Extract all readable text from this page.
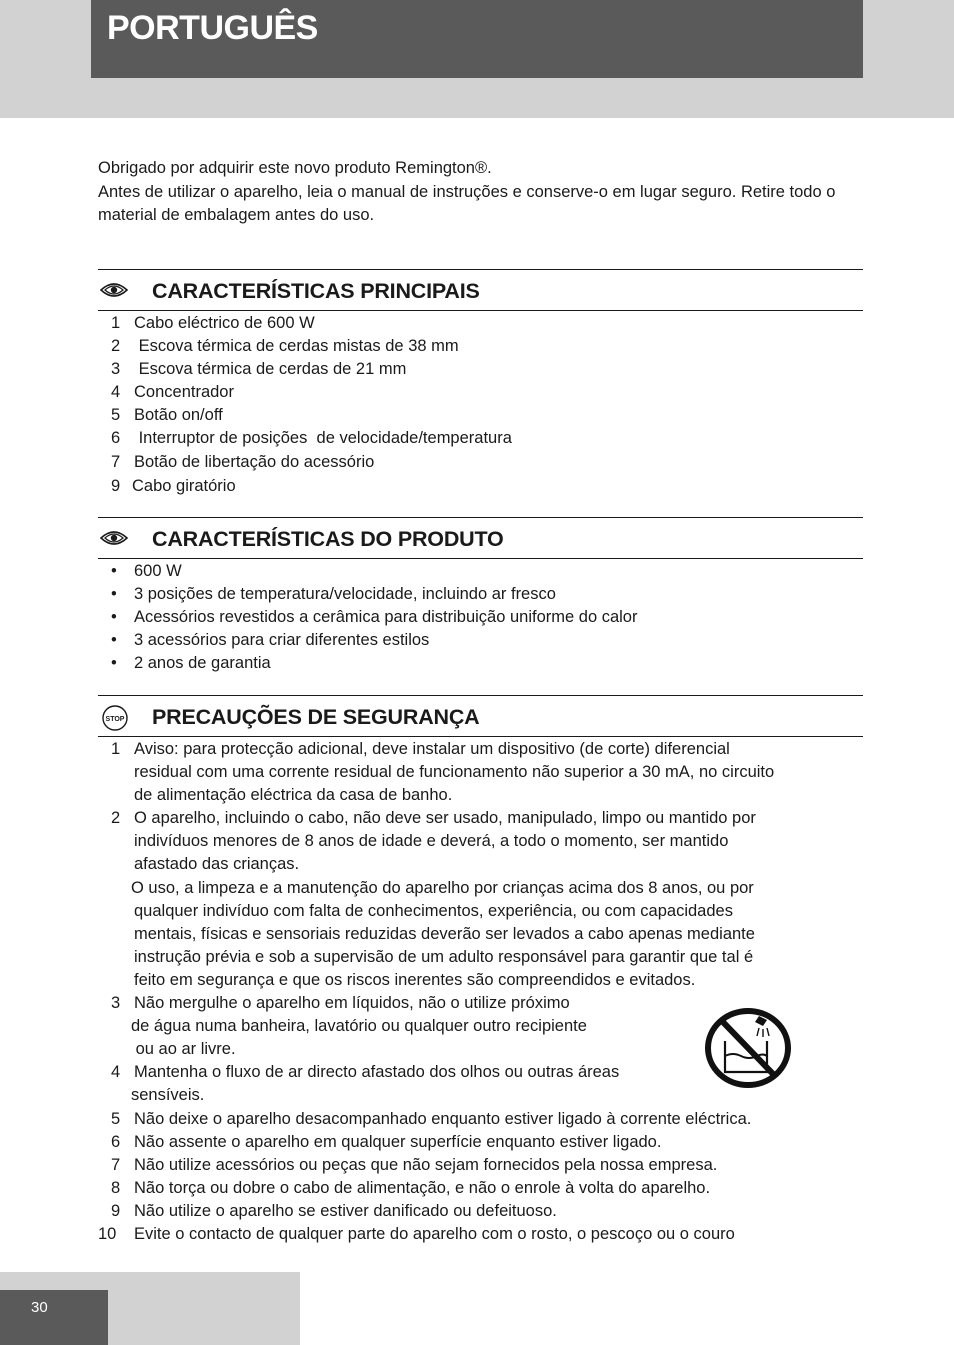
PORTUGUÊS

Obrigado por adquirir este novo produto Remington®.

Antes de utilizar o aparelho, leia o manual de instruções e conserve-o em lugar seguro. Retire todo o material de embalagem antes do uso.

CARACTERÍSTICAS PRINCIPAIS
1 Cabo eléctrico de 600 W
2 Escova térmica de cerdas mistas de 38 mm
3 Escova térmica de cerdas de 21 mm
4 Concentrador
5 Botão on/off
6 Interruptor de posições  de velocidade/temperatura
7 Botão de libertação do acessório
9 Cabo giratório
CARACTERÍSTICAS DO PRODUTO
•	600 W
•	3 posições de temperatura/velocidade, incluindo ar fresco
•	Acessórios revestidos a cerâmica para distribuição uniforme do calor
•	3 acessórios para criar diferentes estilos
•	2 anos de garantia
STOP PRECAUÇÕES DE SEGURANÇA
1 Aviso: para protecção adicional, deve instalar um dispositivo (de corte) diferencial
residual com uma corrente residual de funcionamento não superior a 30 mA, no circuito
de alimentação eléctrica da casa de banho.
2 O aparelho, incluindo o cabo, não deve ser usado, manipulado, limpo ou mantido por
indivíduos menores de 8 anos de idade e deverá, a todo o momento, ser mantido
afastado das crianças.
O uso, a limpeza e a manutenção do aparelho por crianças acima dos 8 anos, ou por
qualquer indivíduo com falta de conhecimentos, experiência, ou com capacidades
mentais, físicas e sensoriais reduzidas deverão ser levados a cabo apenas mediante
instrução prévia e sob a supervisão de um adulto responsável para garantir que tal é
feito em segurança e que os riscos inerentes são compreendidos e evitados.
3 Não mergulhe o aparelho em líquidos, não o utilize próximo
de água numa banheira, lavatório ou qualquer outro recipiente
ou ao ar livre.
4 Mantenha o fluxo de ar directo afastado dos olhos ou outras áreas
sensíveis.
5 Não deixe o aparelho desacompanhado enquanto estiver ligado à corrente eléctrica.
6 Não assente o aparelho em qualquer superfície enquanto estiver ligado.
7 Não utilize acessórios ou peças que não sejam fornecidos pela nossa empresa.
8 Não torça ou dobre o cabo de alimentação, e não o enrole à volta do aparelho.
9 Não utilize o aparelho se estiver danificado ou defeituoso.
10	Evite o contacto de qualquer parte do aparelho com o rosto, o pescoço ou o couro
30
